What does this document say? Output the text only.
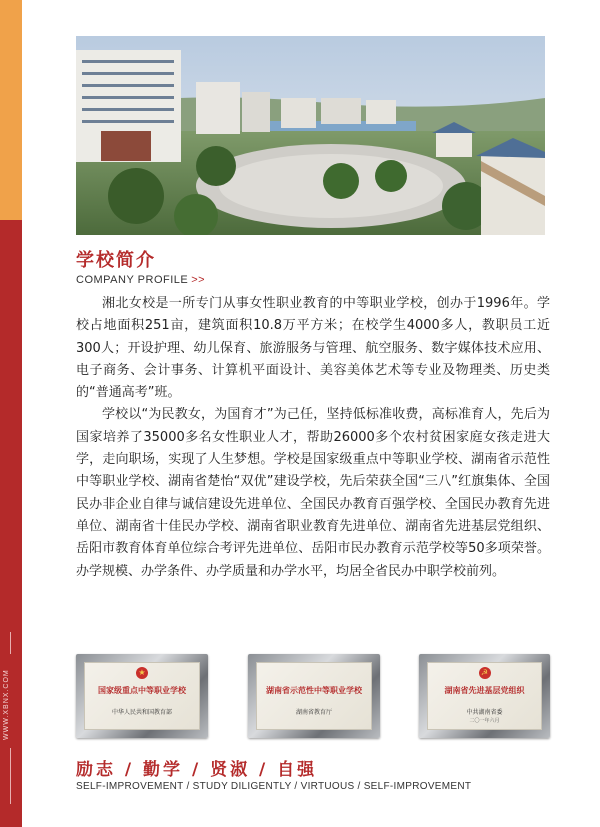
WWW.XBNX.COM
学校简介
COMPANY PROFILE >>

湘北女校是一所专门从事女性职业教育的中等职业学校，创办于1996年。学校占地面积251亩，建筑面积10.8万平方米；在校学生4000多人，教职员工近300人；开设护理、幼儿保育、旅游服务与管理、航空服务、数字媒体技术应用、电子商务、会计事务、计算机平面设计、美容美体艺术等专业及物理类、历史类的“普通高考”班。

学校以“为民教女，为国育才”为己任，坚持低标准收费，高标准育人，先后为国家培养了35000多名女性职业人才，帮助26000多个农村贫困家庭女孩走进大学，走向职场，实现了人生梦想。学校是国家级重点中等职业学校、湖南省示范性中等职业学校、湖南省楚怡“双优”建设学校，先后荣获全国“三八”红旗集体、全国民办非企业自律与诚信建设先进单位、全国民办教育百强学校、全国民办教育先进单位、湖南省十佳民办学校、湖南省职业教育先进单位、湖南省先进基层党组织、岳阳市教育体育单位综合考评先进单位、岳阳市民办教育示范学校等50多项荣誉。办学规模、办学条件、办学质量和办学水平，均居全省民办中职学校前列。

★
国家级重点中等职业学校
中华人民共和国教育部
湖南省示范性中等职业学校
湖南省教育厅
☭
湖南省先进基层党组织
中共湖南省委
二〇一年六月
励志 / 勤学 / 贤淑 / 自强
SELF-IMPROVEMENT / STUDY DILIGENTLY / VIRTUOUS / SELF-IMPROVEMENT
